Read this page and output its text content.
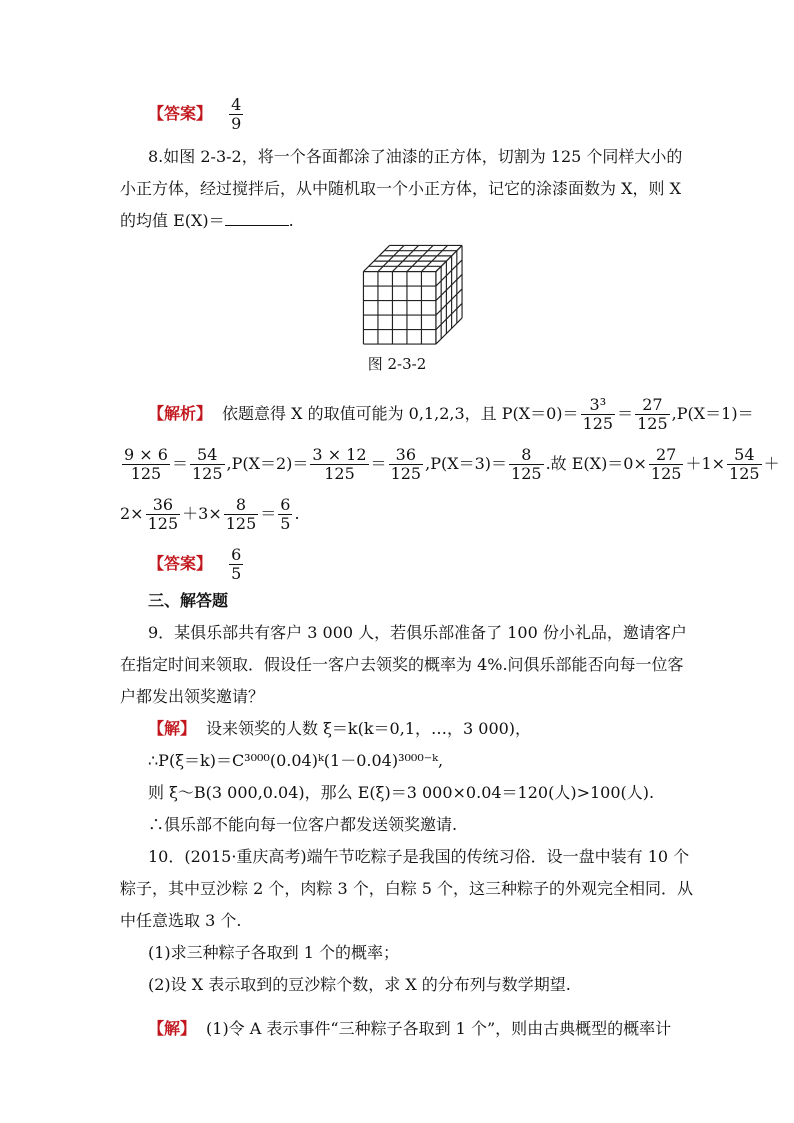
【答案】 $\frac{4}{9}$
8.如图 2-3-2，将一个各面都涂了油漆的正方体，切割为 125 个同样大小的
小正方体，经过搅拌后，从中随机取一个小正方体，记它的涂漆面数为 X，则 X
的均值 E(X)＝	.
图 2-3-2
【解析】 依题意得 X 的取值可能为 0,1,2,3，且 $P(X=0)= \frac{\text{3³}}{125} = \frac{27}{125} ,P(X=1)=$
$\frac{9 \times 6}{125} = \frac{54}{125} ,P(X=2)= \frac{3 \times 12}{125} = \frac{36}{125} ,P(X=3)= \frac{8}{125}$ .故 $E(X)=0\times \frac{27}{125} +1\times \frac{54}{125}$ ＋
$2\times \frac{36}{125} +3\times \frac{8}{125} = \frac{6}{5}$ .
【答案】 $\frac{6}{5}$
三、解答题
9．某俱乐部共有客户 3 000 人，若俱乐部准备了 100 份小礼品，邀请客户
在指定时间来领取．假设任一客户去领奖的概率为 4%.问俱乐部能否向每一位客
户都发出领奖邀请？
【解】 设来领奖的人数 ξ＝k(k＝0,1，…，3 000)，
∴P(ξ＝k)＝C³⁰⁰⁰(0.04)ᵏ(1－0.04)³⁰⁰⁰⁻ᵏ,
则 ξ～B(3 000,0.04)，那么 E(ξ)＝3 000×0.04＝120(人)>100(人).
∴俱乐部不能向每一位客户都发送领奖邀请.
10．(2015·重庆高考)端午节吃粽子是我国的传统习俗．设一盘中装有 10 个
粽子，其中豆沙粽 2 个，肉粽 3 个，白粽 5 个，这三种粽子的外观完全相同．从
中任意选取 3 个.
(1)求三种粽子各取到 1 个的概率；
(2)设 X 表示取到的豆沙粽个数，求 X 的分布列与数学期望.
【解】 (1)令 A 表示事件“三种粽子各取到 1 个”，则由古典概型的概率计
